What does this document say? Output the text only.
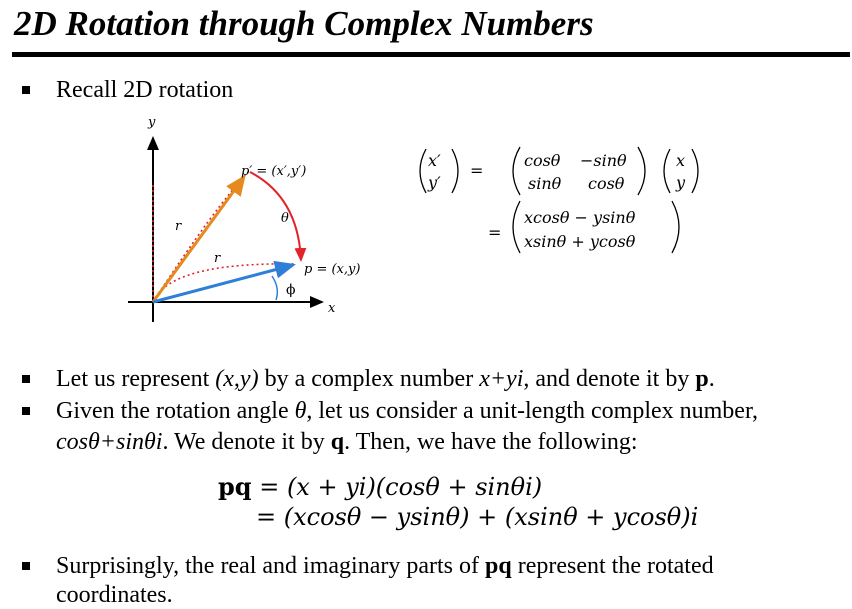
2D Rotation through Complex Numbers
Recall 2D rotation
y
x
p′ = (x′,y′)
p = (x,y)
θ
ϕ
r
r
x′
y′
=
cosθ −sinθ
sinθ cosθ
x
y
=
xcosθ − ysinθ
xsinθ + ycosθ
Let us represent (x,y) by a complex number x+yi, and denote it by p.
Given the rotation angle θ, let us consider a unit-length complex number,
cosθ+sinθi. We denote it by q. Then, we have the following:
pq = (x + yi)(cosθ + sinθi)
= (xcosθ − ysinθ) + (xsinθ + ycosθ)i
Surprisingly, the real and imaginary parts of pq represent the rotated
coordinates.
